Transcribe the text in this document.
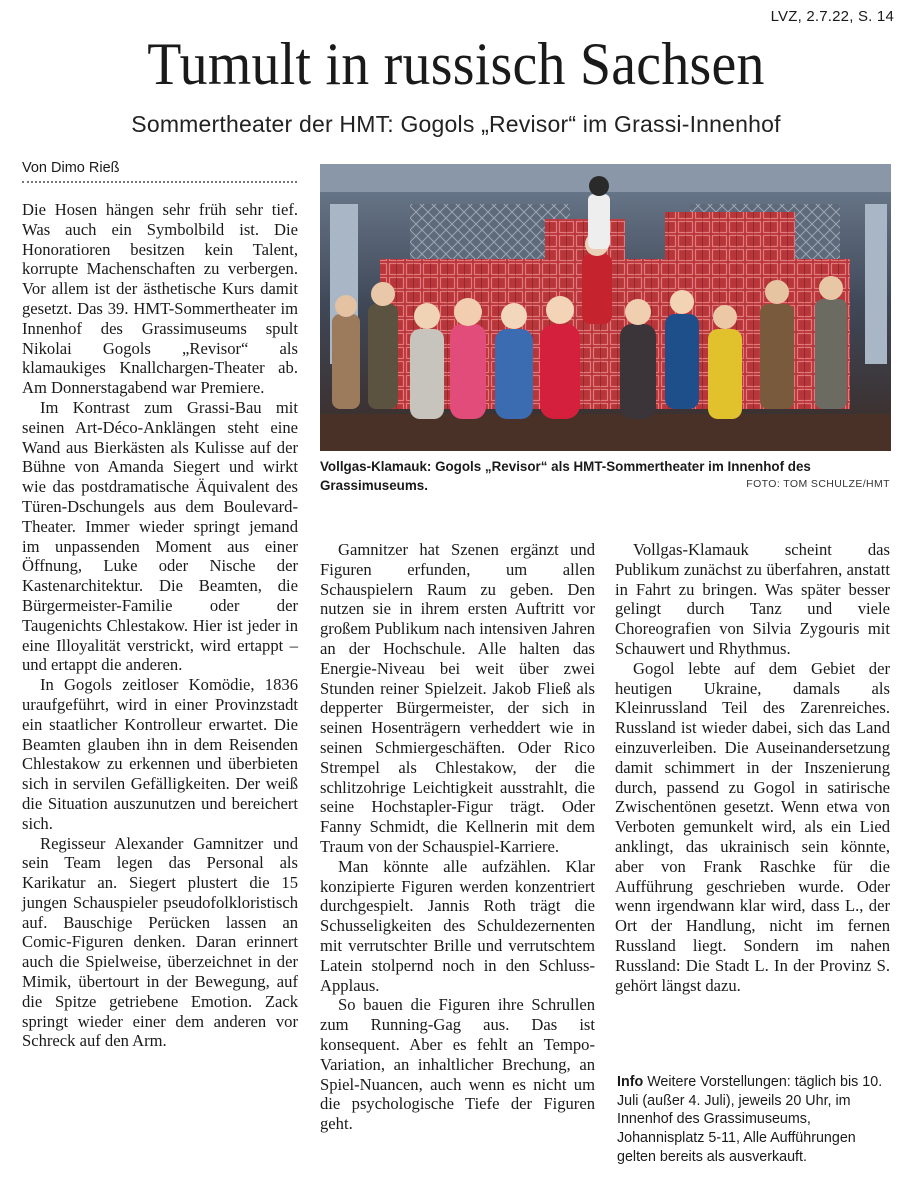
LVZ, 2.7.22, S. 14
Tumult in russisch Sachsen
Sommertheater der HMT: Gogols „Revisor“ im Grassi-Innenhof
Von Dimo Rieß

Die Hosen hängen sehr früh sehr tief. Was auch ein Symbolbild ist. Die Honoratioren besitzen kein Talent, korrupte Machenschaften zu verbergen. Vor allem ist der ästhetische Kurs damit gesetzt. Das 39. HMT-Sommertheater im Innenhof des Grassimuseums spult Nikolai Gogols „Revisor“ als klamaukiges Knallchargen-Theater ab. Am Donnerstagabend war Premiere.

Im Kontrast zum Grassi-Bau mit seinen Art-Déco-Anklängen steht eine Wand aus Bierkästen als Kulisse auf der Bühne von Amanda Siegert und wirkt wie das postdramatische Äquivalent des Türen-Dschungels aus dem Boulevard-Theater. Immer wieder springt jemand im unpassenden Moment aus einer Öffnung, Luke oder Nische der Kastenarchitektur. Die Beamten, die Bürgermeister-Familie oder der Taugenichts Chlestakow. Hier ist jeder in eine Illoyalität verstrickt, wird ertappt – und ertappt die anderen.

In Gogols zeitloser Komödie, 1836 uraufgeführt, wird in einer Provinzstadt ein staatlicher Kontrolleur erwartet. Die Beamten glauben ihn in dem Reisenden Chlestakow zu erkennen und überbieten sich in servilen Gefälligkeiten. Der weiß die Situation auszunutzen und bereichert sich.

Regisseur Alexander Gamnitzer und sein Team legen das Personal als Karikatur an. Siegert plustert die 15 jungen Schauspieler pseudofolkloristisch auf. Bauschige Perücken lassen an Comic-Figuren denken. Daran erinnert auch die Spielweise, überzeichnet in der Mimik, übertourt in der Bewegung, auf die Spitze getriebene Emotion. Zack springt wieder einer dem anderen vor Schreck auf den Arm.

Vollgas-Klamauk: Gogols „Revisor“ als HMT-Sommertheater im Innenhof des Grassimuseums.	FOTO: TOM SCHULZE/HMT

Gamnitzer hat Szenen ergänzt und Figuren erfunden, um allen Schauspielern Raum zu geben. Den nutzen sie in ihrem ersten Auftritt vor großem Publikum nach intensiven Jahren an der Hochschule. Alle halten das Energie-Niveau bei weit über zwei Stunden reiner Spielzeit. Jakob Fließ als depperter Bürgermeister, der sich in seinen Hosenträgern verheddert wie in seinen Schmiergeschäften. Oder Rico Strempel als Chlestakow, der die schlitzohrige Leichtigkeit ausstrahlt, die seine Hochstapler-Figur trägt. Oder Fanny Schmidt, die Kellnerin mit dem Traum von der Schauspiel-Karriere.

Man könnte alle aufzählen. Klar konzipierte Figuren werden konzentriert durchgespielt. Jannis Roth trägt die Schusseligkeiten des Schuldezernenten mit verrutschter Brille und verrutschtem Latein stolpernd noch in den Schluss-Applaus.

So bauen die Figuren ihre Schrullen zum Running-Gag aus. Das ist konsequent. Aber es fehlt an Tempo-Variation, an inhaltlicher Brechung, an Spiel-Nuancen, auch wenn es nicht um die psychologische Tiefe der Figuren geht.

Vollgas-Klamauk scheint das Publikum zunächst zu überfahren, anstatt in Fahrt zu bringen. Was später besser gelingt durch Tanz und viele Choreografien von Silvia Zygouris mit Schauwert und Rhythmus.

Gogol lebte auf dem Gebiet der heutigen Ukraine, damals als Kleinrussland Teil des Zarenreiches. Russland ist wieder dabei, sich das Land einzuverleiben. Die Auseinandersetzung damit schimmert in der Inszenierung durch, passend zu Gogol in satirische Zwischentönen gesetzt. Wenn etwa von Verboten gemunkelt wird, als ein Lied anklingt, das ukrainisch sein könnte, aber von Frank Raschke für die Aufführung geschrieben wurde. Oder wenn irgendwann klar wird, dass L., der Ort der Handlung, nicht im fernen Russland liegt. Sondern im nahen Russland: Die Stadt L. In der Provinz S. gehört längst dazu.

Info Weitere Vorstellungen: täglich bis 10. Juli (außer 4. Juli), jeweils 20 Uhr, im Innenhof des Grassimuseums, Johannisplatz 5-11, Alle Aufführungen gelten bereits als ausverkauft.
